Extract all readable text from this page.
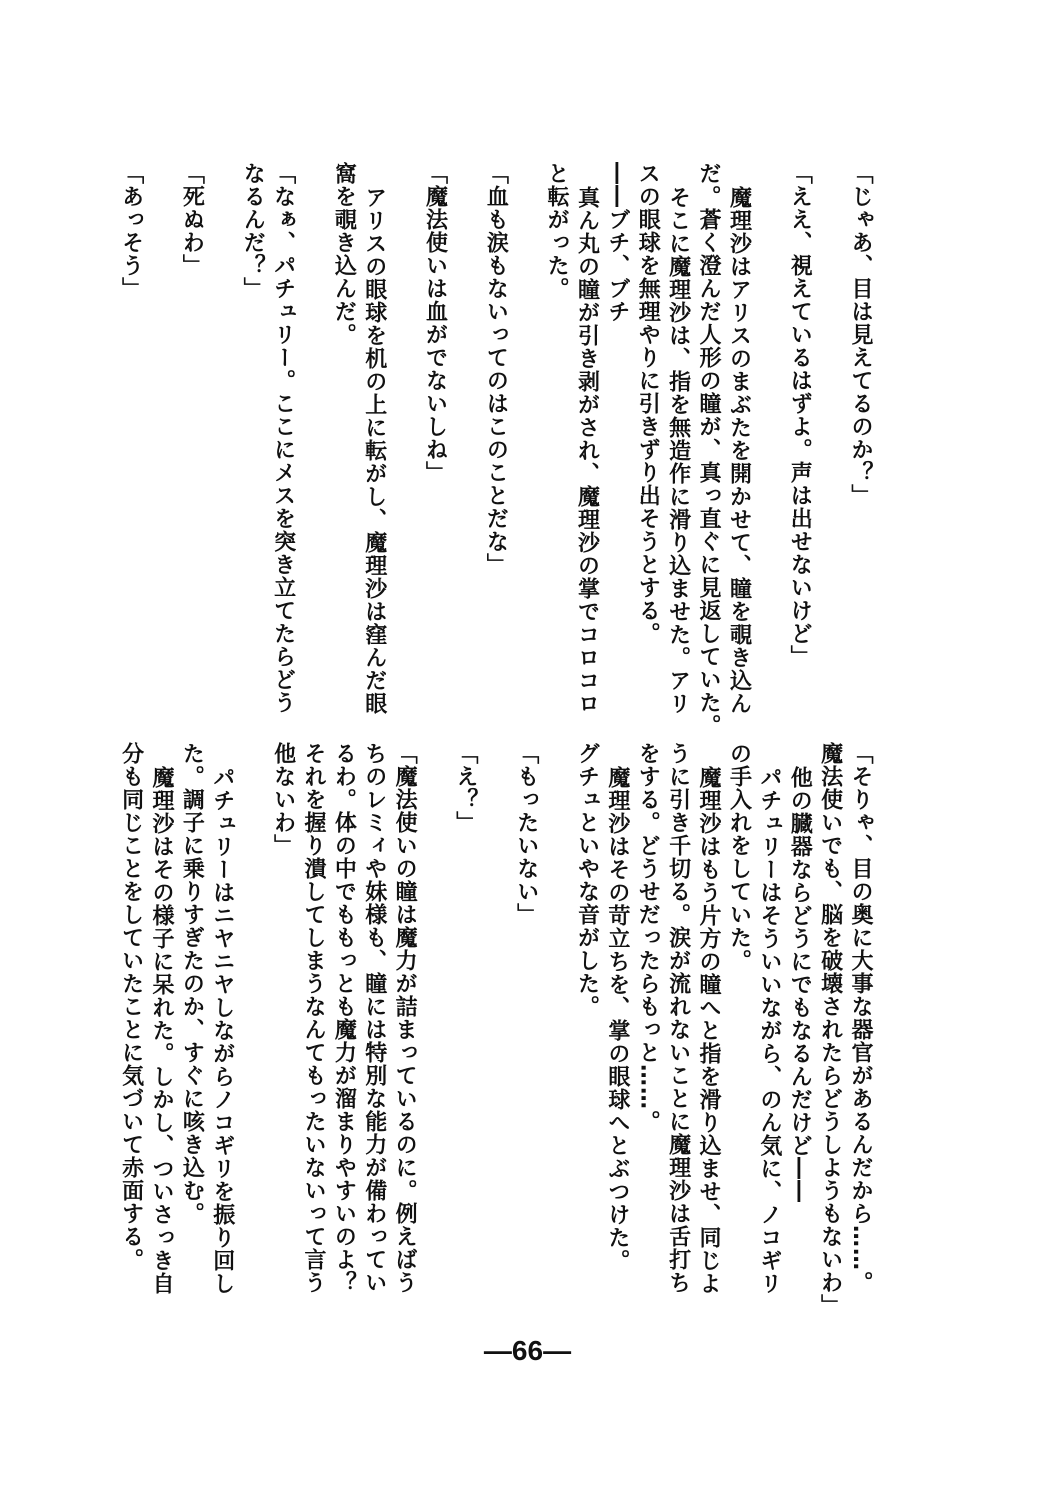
「じゃあ、目は見えてるのか？」
「ええ、視えているはずよ。声は出せないけど」
魔理沙はアリスのまぶたを開かせて、瞳を覗き込ん
だ。蒼く澄んだ人形の瞳が、真っ直ぐに見返していた。
そこに魔理沙は、指を無造作に滑り込ませた。アリ
スの眼球を無理やりに引きずり出そうとする。
――ブチ、ブチ
真ん丸の瞳が引き剥がされ、魔理沙の掌でコロコロ
と転がった。
「血も涙もないってのはこのことだな」
「魔法使いは血がでないしね」
アリスの眼球を机の上に転がし、魔理沙は窪んだ眼
窩を覗き込んだ。
「なぁ、パチュリー。ここにメスを突き立てたらどう
なるんだ？」
「死ぬわ」
「あっそう」
「そりゃ、目の奥に大事な器官があるんだから……。
魔法使いでも、脳を破壊されたらどうしようもないわ」
他の臓器ならどうにでもなるんだけど――
パチュリーはそういいながら、のん気に、ノコギリ
の手入れをしていた。
魔理沙はもう片方の瞳へと指を滑り込ませ、同じよ
うに引き千切る。涙が流れないことに魔理沙は舌打ち
をする。どうせだったらもっと……。
魔理沙はその苛立ちを、掌の眼球へとぶつけた。
グチュといやな音がした。
「もったいない」
「え？」
「魔法使いの瞳は魔力が詰まっているのに。例えばう
ちのレミィや妹様も、瞳には特別な能力が備わってい
るわ。体の中でももっとも魔力が溜まりやすいのよ？
それを握り潰してしまうなんてもったいないって言う
他ないわ」
パチュリーはニヤニヤしながらノコギリを振り回し
た。調子に乗りすぎたのか、すぐに咳き込む。
魔理沙はその様子に呆れた。しかし、ついさっき自
分も同じことをしていたことに気づいて赤面する。
—66—
